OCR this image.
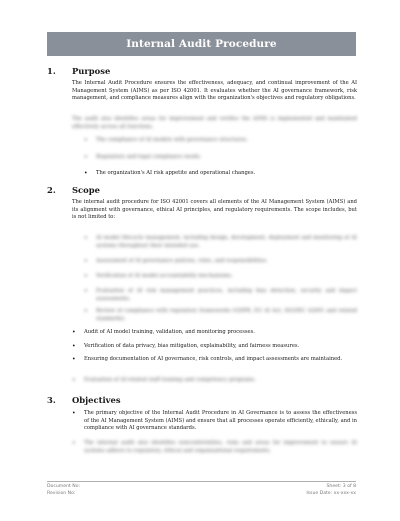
Internal Audit Procedure
1.	Purpose

The Internal Audit Procedure ensures the effectiveness, adequacy, and continual improvement of the AI Management System (AIMS) as per ISO 42001. It evaluates whether the AI governance framework, risk management, and compliance measures align with the organization's objectives and regulatory obligations.

The audit also identifies areas for improvement and verifies the AIMS is implemented and maintained effectively across all functions.

•	The compliance of AI models with governance structures.
•	Regulatory and legal compliance needs.
•	The organization's AI risk appetite and operational changes.
2.	Scope

The internal audit procedure for ISO 42001 covers all elements of the AI Management System (AIMS) and its alignment with governance, ethical AI principles, and regulatory requirements. The scope includes, but is not limited to:

•	AI model lifecycle management, including design, development, deployment and monitoring of AI systems throughout their intended use.
•	Assessment of AI governance policies, roles, and responsibilities.
•	Verification of AI model accountability mechanisms.
•	Evaluation of AI risk management practices, including bias detection, security and impact assessments.
•	Review of compliance with regulatory frameworks (GDPR, EU AI Act, ISO/IEC 42001 and related standards).
•	Audit of AI model training, validation, and monitoring processes.
•	Verification of data privacy, bias mitigation, explainability, and fairness measures.
•	Ensuring documentation of AI governance, risk controls, and impact assessments are maintained.
•	Evaluation of AI-related staff training and competency programs.
3.	Objectives
•	The primary objective of the Internal Audit Procedure in AI Governance is to assess the effectiveness of the AI Management System (AIMS) and ensure that all processes operate efficiently, ethically, and in compliance with AI governance standards.
•	The internal audit also identifies nonconformities, risks and areas for improvement to ensure AI systems adhere to regulatory, ethical and organizational requirements.
Document No:
Revision No:
Sheet: 3 of 8
Issue Date: xx-xxx-xx
